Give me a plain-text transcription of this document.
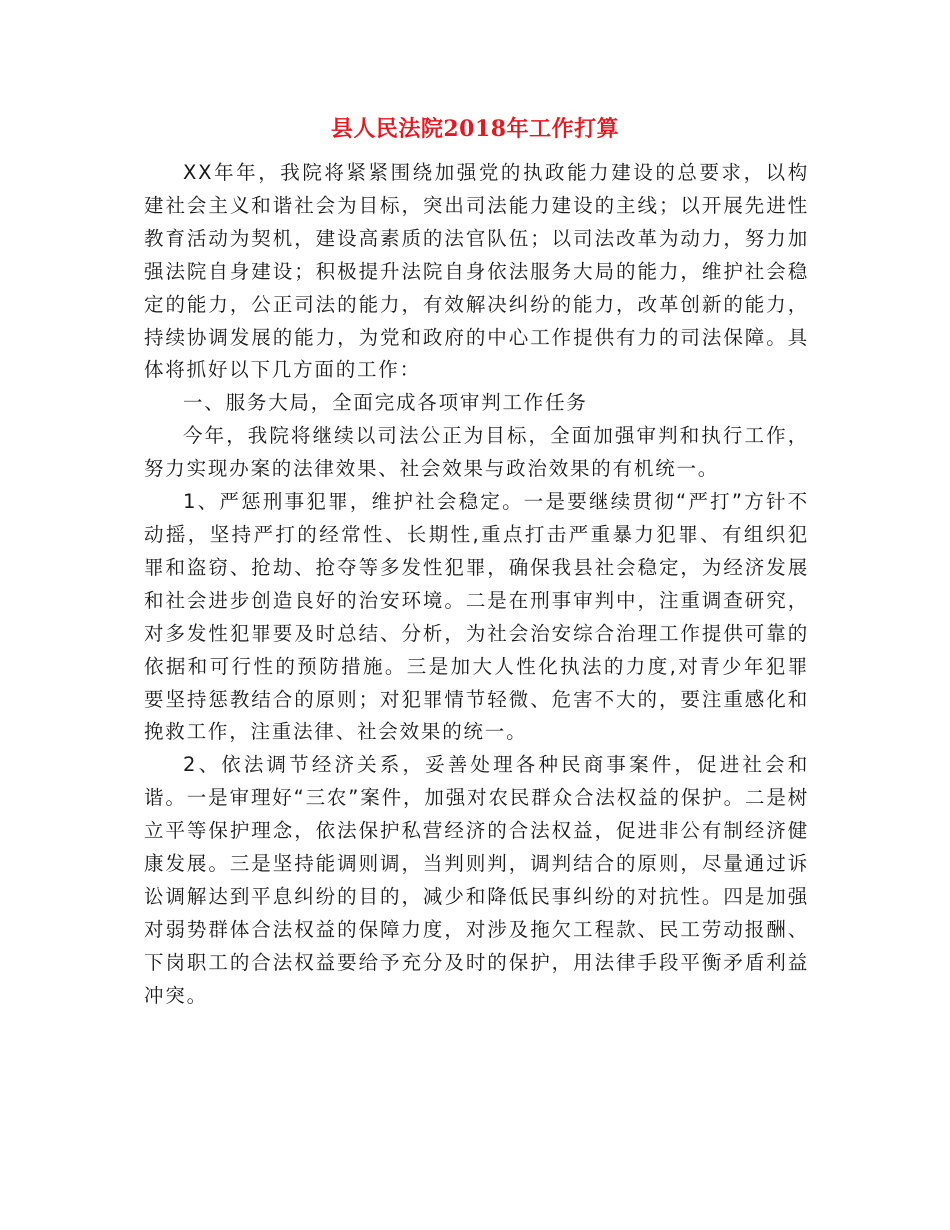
县人民法院2018年工作打算

XX年年，我院将紧紧围绕加强党的执政能力建设的总要求，以构建社会主义和谐社会为目标，突出司法能力建设的主线；以开展先进性教育活动为契机，建设高素质的法官队伍；以司法改革为动力，努力加强法院自身建设；积极提升法院自身依法服务大局的能力，维护社会稳定的能力，公正司法的能力，有效解决纠纷的能力，改革创新的能力，持续协调发展的能力，为党和政府的中心工作提供有力的司法保障。具体将抓好以下几方面的工作：

一、服务大局，全面完成各项审判工作任务

今年，我院将继续以司法公正为目标，全面加强审判和执行工作，努力实现办案的法律效果、社会效果与政治效果的有机统一。

1、严惩刑事犯罪，维护社会稳定。一是要继续贯彻“严打”方针不动摇，坚持严打的经常性、长期性,重点打击严重暴力犯罪、有组织犯罪和盗窃、抢劫、抢夺等多发性犯罪，确保我县社会稳定，为经济发展和社会进步创造良好的治安环境。二是在刑事审判中，注重调查研究，对多发性犯罪要及时总结、分析，为社会治安综合治理工作提供可靠的依据和可行性的预防措施。三是加大人性化执法的力度,对青少年犯罪要坚持惩教结合的原则；对犯罪情节轻微、危害不大的，要注重感化和挽救工作，注重法律、社会效果的统一。

2、依法调节经济关系，妥善处理各种民商事案件，促进社会和谐。一是审理好“三农”案件，加强对农民群众合法权益的保护。二是树立平等保护理念，依法保护私营经济的合法权益，促进非公有制经济健康发展。三是坚持能调则调，当判则判，调判结合的原则，尽量通过诉讼调解达到平息纠纷的目的，减少和降低民事纠纷的对抗性。四是加强对弱势群体合法权益的保障力度，对涉及拖欠工程款、民工劳动报酬、下岗职工的合法权益要给予充分及时的保护，用法律手段平衡矛盾利益冲突。
